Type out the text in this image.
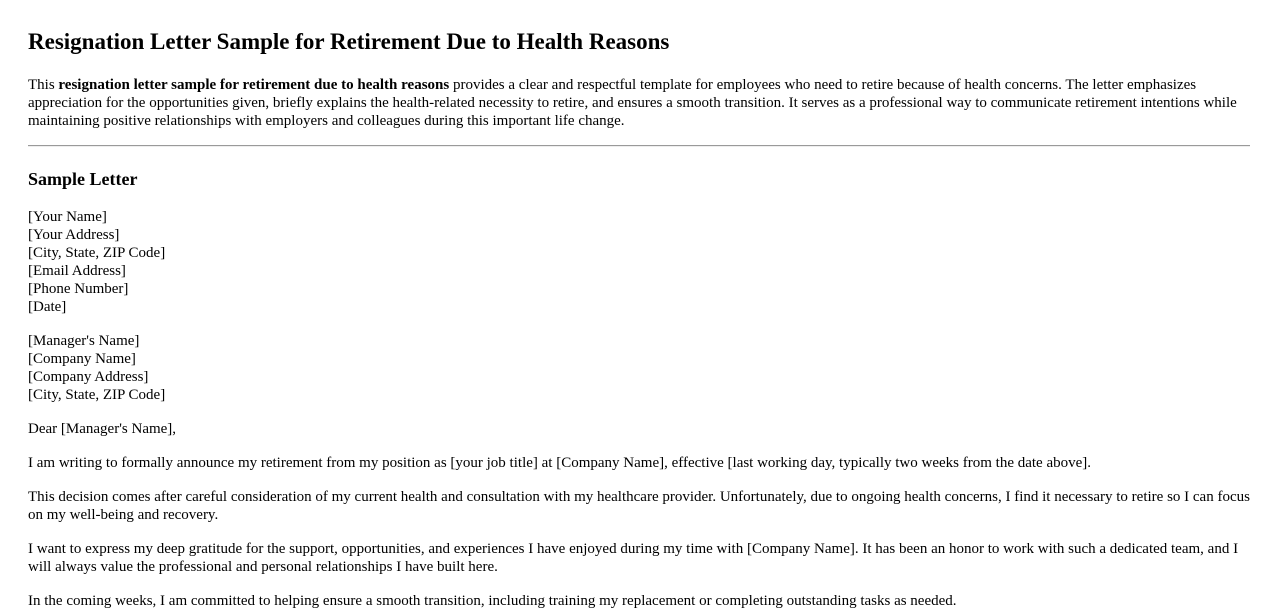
Resignation Letter Sample for Retirement Due to Health Reasons

This resignation letter sample for retirement due to health reasons provides a clear and respectful template for employees who need to retire because of health concerns. The letter emphasizes appreciation for the opportunities given, briefly explains the health-related necessity to retire, and ensures a smooth transition. It serves as a professional way to communicate retirement intentions while maintaining positive relationships with employers and colleagues during this important life change.

Sample Letter
[Your Name]
[Your Address]
[City, State, ZIP Code]
[Email Address]
[Phone Number]
[Date]
[Manager's Name]
[Company Name]
[Company Address]
[City, State, ZIP Code]

Dear [Manager's Name],

I am writing to formally announce my retirement from my position as [your job title] at [Company Name], effective [last working day, typically two weeks from the date above].

This decision comes after careful consideration of my current health and consultation with my healthcare provider. Unfortunately, due to ongoing health concerns, I find it necessary to retire so I can focus on my well-being and recovery.

I want to express my deep gratitude for the support, opportunities, and experiences I have enjoyed during my time with [Company Name]. It has been an honor to work with such a dedicated team, and I will always value the professional and personal relationships I have built here.

In the coming weeks, I am committed to helping ensure a smooth transition, including training my replacement or completing outstanding tasks as needed.
